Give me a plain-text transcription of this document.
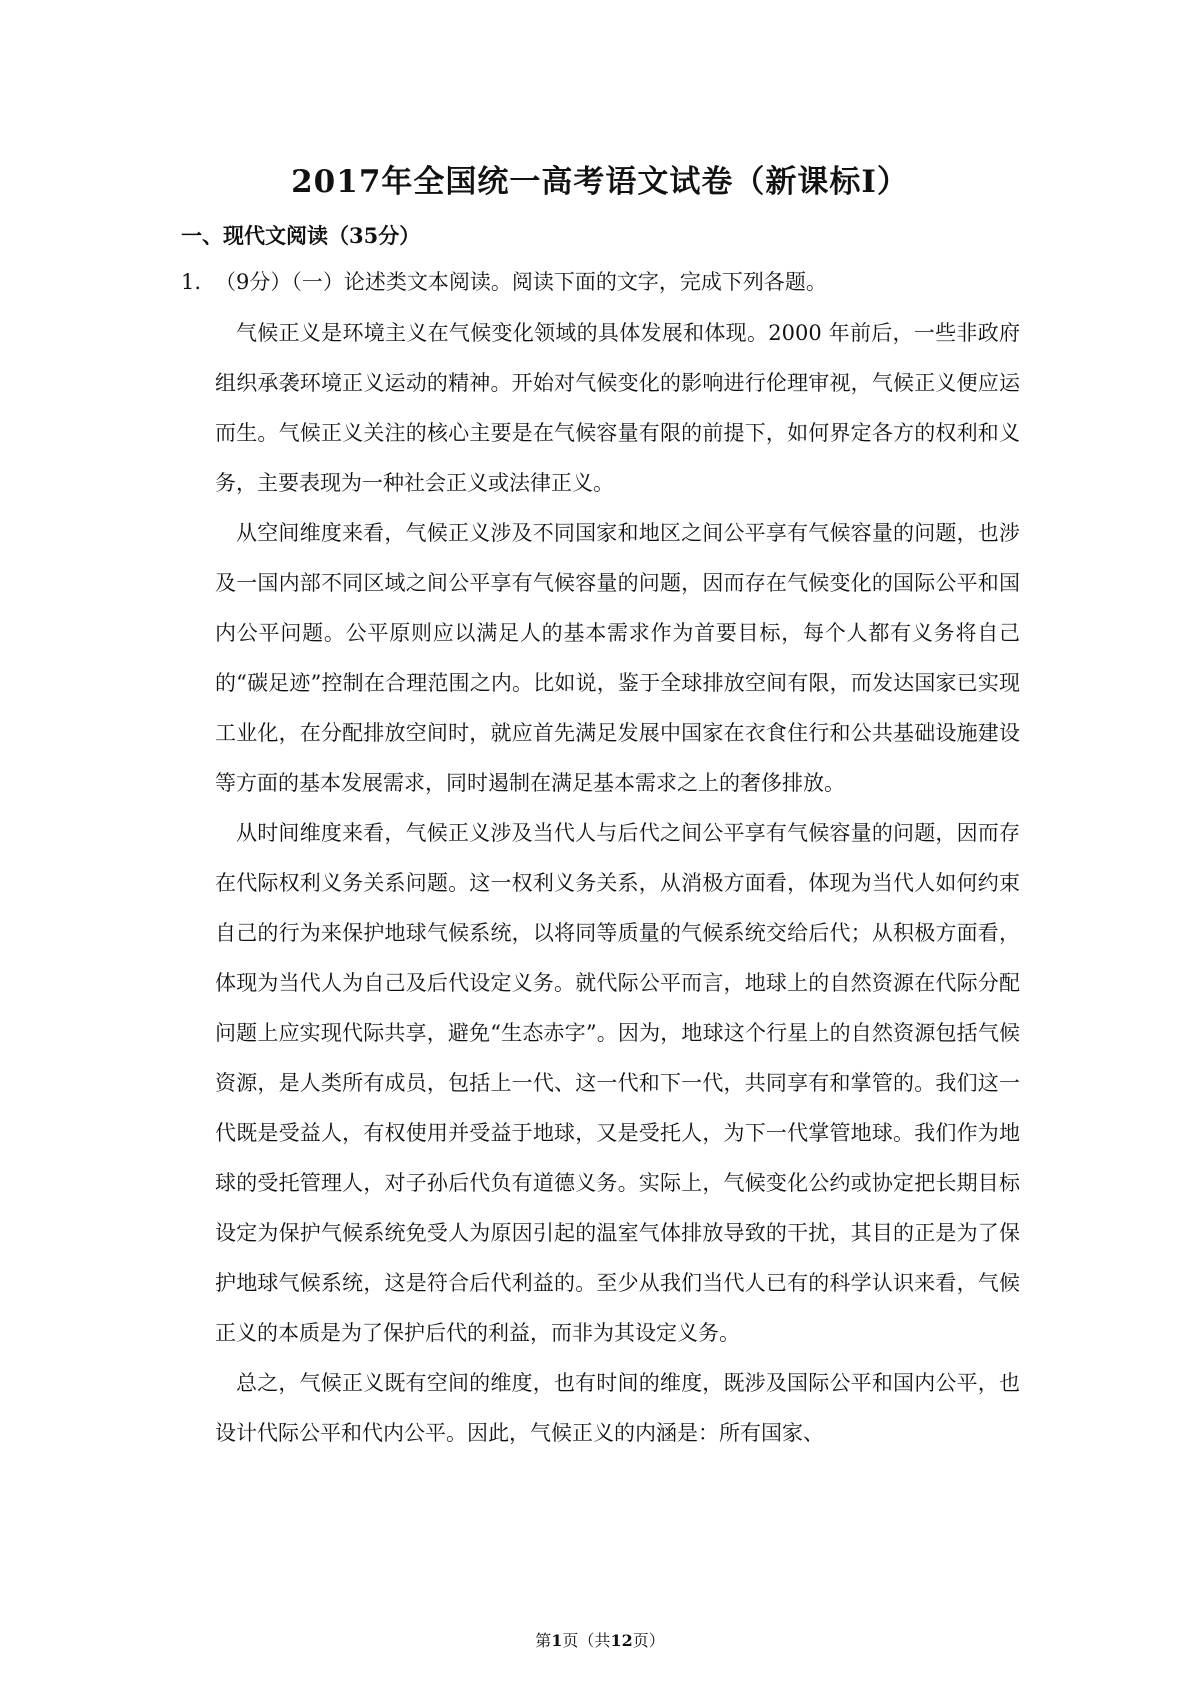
2017年全国统一高考语文试卷（新课标Ⅰ）
一、现代文阅读（35分）
1. （9分）（一）论述类文本阅读。阅读下面的文字，完成下列各题。

气候正义是环境主义在气候变化领域的具体发展和体现。2000 年前后，一些非政府组织承袭环境正义运动的精神。开始对气候变化的影响进行伦理审视，气候正义便应运而生。气候正义关注的核心主要是在气候容量有限的前提下，如何界定各方的权利和义务，主要表现为一种社会正义或法律正义。

从空间维度来看，气候正义涉及不同国家和地区之间公平享有气候容量的问题，也涉及一国内部不同区域之间公平享有气候容量的问题，因而存在气候变化的国际公平和国内公平问题。公平原则应以满足人的基本需求作为首要目标，每个人都有义务将自己的“碳足迹”控制在合理范围之内。比如说，鉴于全球排放空间有限，而发达国家已实现工业化，在分配排放空间时，就应首先满足发展中国家在衣食住行和公共基础设施建设等方面的基本发展需求，同时遏制在满足基本需求之上的奢侈排放。

从时间维度来看，气候正义涉及当代人与后代之间公平享有气候容量的问题，因而存在代际权利义务关系问题。这一权利义务关系，从消极方面看，体现为当代人如何约束自己的行为来保护地球气候系统，以将同等质量的气候系统交给后代；从积极方面看，体现为当代人为自己及后代设定义务。就代际公平而言，地球上的自然资源在代际分配问题上应实现代际共享，避免“生态赤字”。因为，地球这个行星上的自然资源包括气候资源，是人类所有成员，包括上一代、这一代和下一代，共同享有和掌管的。我们这一代既是受益人，有权使用并受益于地球，又是受托人，为下一代掌管地球。我们作为地球的受托管理人，对子孙后代负有道德义务。实际上，气候变化公约或协定把长期目标设定为保护气候系统免受人为原因引起的温室气体排放导致的干扰，其目的正是为了保护地球气候系统，这是符合后代利益的。至少从我们当代人已有的科学认识来看，气候正义的本质是为了保护后代的利益，而非为其设定义务。

总之，气候正义既有空间的维度，也有时间的维度，既涉及国际公平和国内公平，也设计代际公平和代内公平。因此，气候正义的内涵是：所有国家、

第1页（共12页）
